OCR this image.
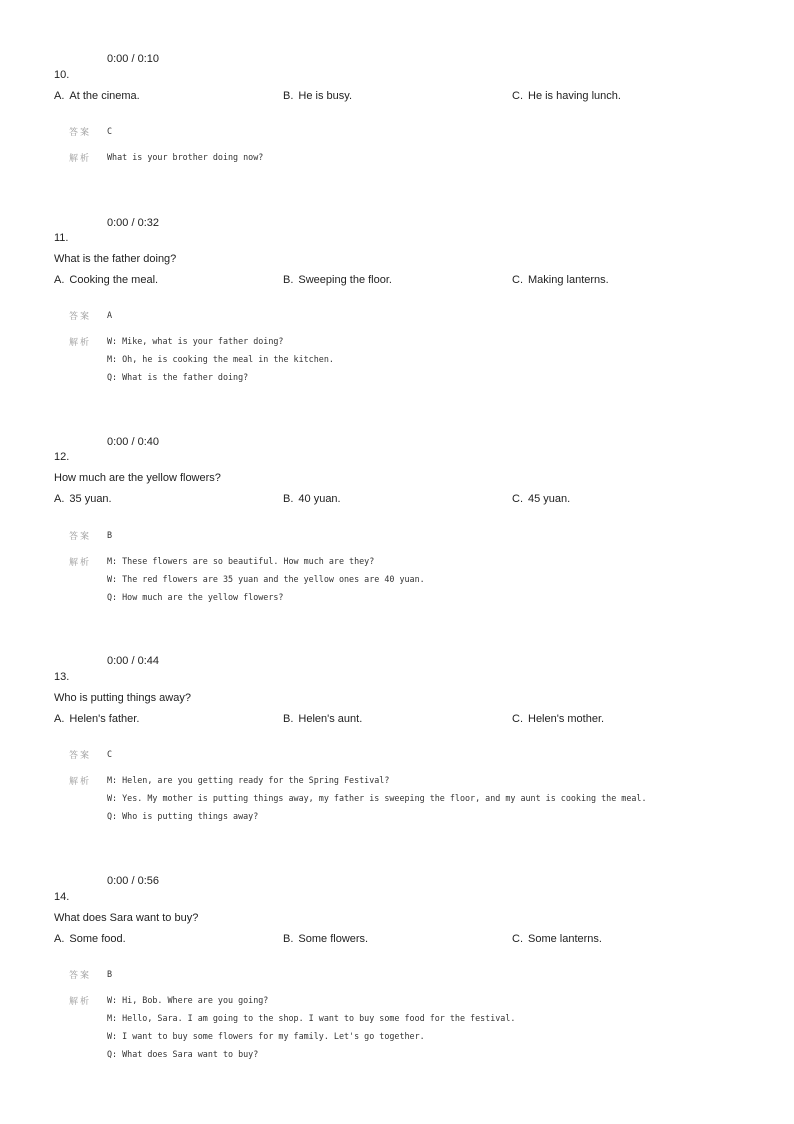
0:00 / 0:10
10.
A. At the cinema.	B. He is busy.	C. He is having lunch.
答案 C
解析 What is your brother doing now?
0:00 / 0:32
11.
What is the father doing?
A. Cooking the meal.	B. Sweeping the floor.	C. Making lanterns.
答案 A
解析 W: Mike, what is your father doing?
M: Oh, he is cooking the meal in the kitchen.
Q: What is the father doing?
0:00 / 0:40
12.
How much are the yellow flowers?
A. 35 yuan.	B. 40 yuan.	C. 45 yuan.
答案 B
解析 M: These flowers are so beautiful. How much are they?
W: The red flowers are 35 yuan and the yellow ones are 40 yuan.
Q: How much are the yellow flowers?
0:00 / 0:44
13.
Who is putting things away?
A. Helen's father.	B. Helen's aunt.	C. Helen's mother.
答案 C
解析 M: Helen, are you getting ready for the Spring Festival?
W: Yes. My mother is putting things away, my father is sweeping the floor, and my aunt is cooking the meal.
Q: Who is putting things away?
0:00 / 0:56
14.
What does Sara want to buy?
A. Some food.	B. Some flowers.	C. Some lanterns.
答案 B
解析 W: Hi, Bob. Where are you going?
M: Hello, Sara. I am going to the shop. I want to buy some food for the festival.
W: I want to buy some flowers for my family. Let's go together.
Q: What does Sara want to buy?
